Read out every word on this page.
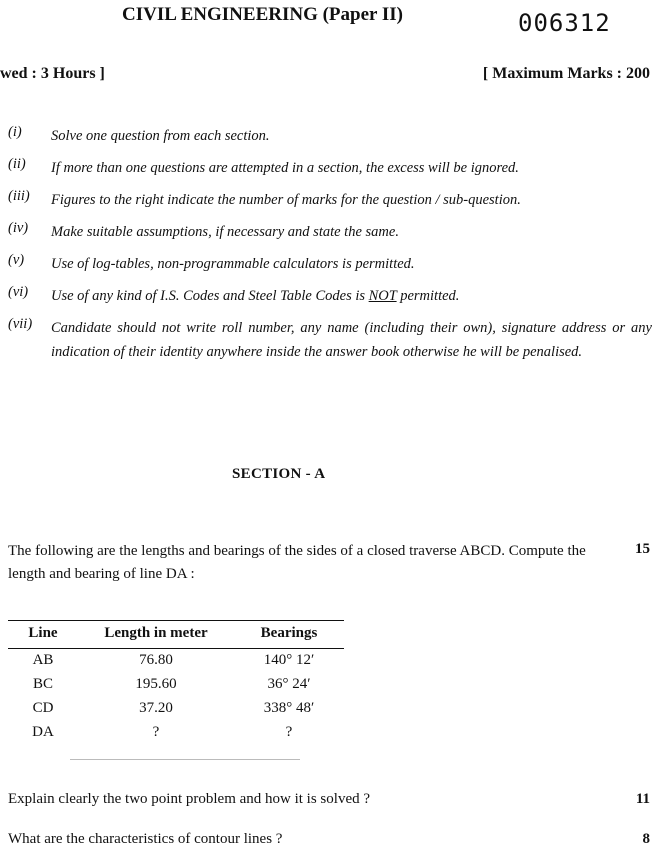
CIVIL ENGINEERING (Paper II)	006312
wed : 3 Hours ]	[ Maximum Marks : 200
(i) Solve one question from each section.
(ii) If more than one questions are attempted in a section, the excess will be ignored.
(iii) Figures to the right indicate the number of marks for the question / sub-question.
(iv) Make suitable assumptions, if necessary and state the same.
(v) Use of log-tables, non-programmable calculators is permitted.
(vi) Use of any kind of I.S. Codes and Steel Table Codes is NOT permitted.
(vii) Candidate should not write roll number, any name (including their own), signature address or any indication of their identity anywhere inside the answer book otherwise he will be penalised.
SECTION - A
The following are the lengths and bearings of the sides of a closed traverse ABCD. Compute the length and bearing of line DA :
15
Line	Length in meter	Bearings
AB	76.80	140° 12′
BC	195.60	36° 24′
CD	37.20	338° 48′
DA	?	?
Explain clearly the two point problem and how it is solved ?	11
What are the characteristics of contour lines ?	8
